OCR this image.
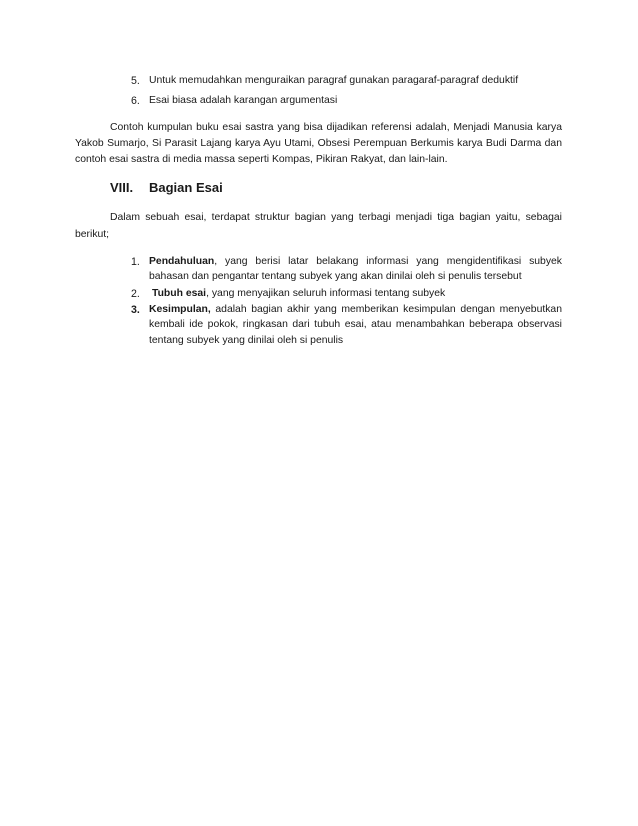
5. Untuk memudahkan menguraikan paragraf gunakan paragaraf-paragraf deduktif
6. Esai biasa adalah karangan argumentasi
Contoh kumpulan buku esai sastra yang bisa dijadikan referensi adalah, Menjadi Manusia karya
Yakob Sumarjo, Si Parasit Lajang karya Ayu Utami, Obsesi Perempuan Berkumis karya Budi Darma dan
contoh esai sastra di media massa seperti Kompas, Pikiran Rakyat, dan lain-lain.
VIII. Bagian Esai
Dalam sebuah esai, terdapat struktur bagian yang terbagi menjadi tiga bagian yaitu, sebagai
berikut;
1. Pendahuluan, yang berisi latar belakang informasi yang mengidentifikasi subyek
bahasan dan pengantar tentang subyek yang akan dinilai oleh si penulis tersebut
2. Tubuh esai, yang menyajikan seluruh informasi tentang subyek
3. Kesimpulan, adalah bagian akhir yang memberikan kesimpulan dengan menyebutkan
kembali ide pokok, ringkasan dari tubuh esai, atau menambahkan beberapa observasi
tentang subyek yang dinilai oleh si penulis
